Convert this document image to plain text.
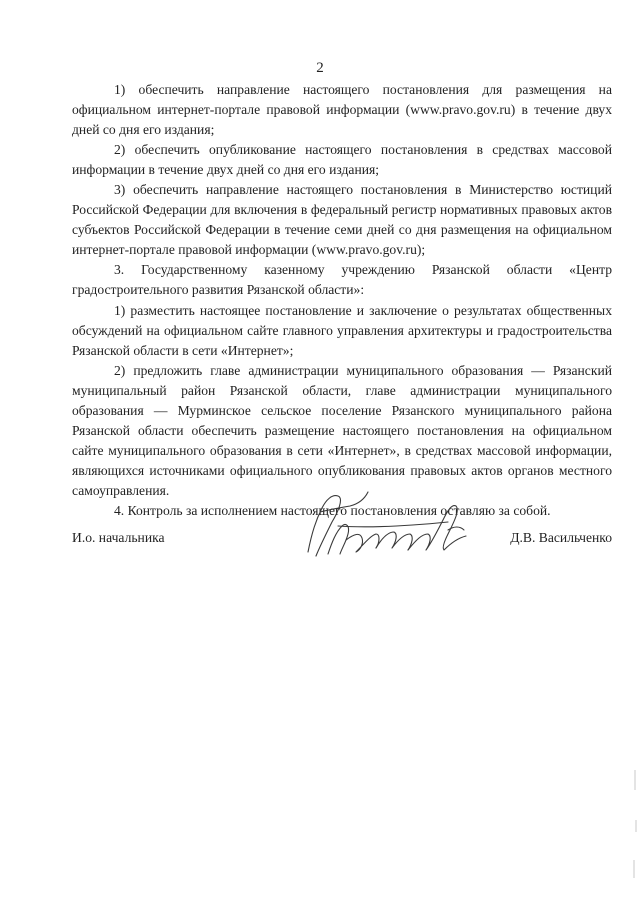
2

1) обеспечить направление настоящего постановления для размещения на официальном интернет-портале правовой информации (www.pravo.gov.ru) в течение двух дней со дня его издания;

2) обеспечить опубликование настоящего постановления в средствах массовой информации в течение двух дней со дня его издания;

3) обеспечить направление настоящего постановления в Министерство юстиций Российской Федерации для включения в федеральный регистр нормативных правовых актов субъектов Российской Федерации в течение семи дней со дня размещения на официальном интернет-портале правовой информации (www.pravo.gov.ru);

3. Государственному казенному учреждению Рязанской области «Центр градостроительного развития Рязанской области»:

1) разместить настоящее постановление и заключение о результатах общественных обсуждений на официальном сайте главного управления архитектуры и градостроительства Рязанской области в сети «Интернет»;

2) предложить главе администрации муниципального образования — Рязанский муниципальный район Рязанской области, главе администрации муниципального образования — Мурминское сельское поселение Рязанского муниципального района Рязанской области обеспечить размещение настоящего постановления на официальном сайте муниципального образования в сети «Интернет», в средствах массовой информации, являющихся источниками официального опубликования правовых актов органов местного самоуправления.

4. Контроль за исполнением настоящего постановления оставляю за собой.

И.о. начальника	Д.В. Васильченко
